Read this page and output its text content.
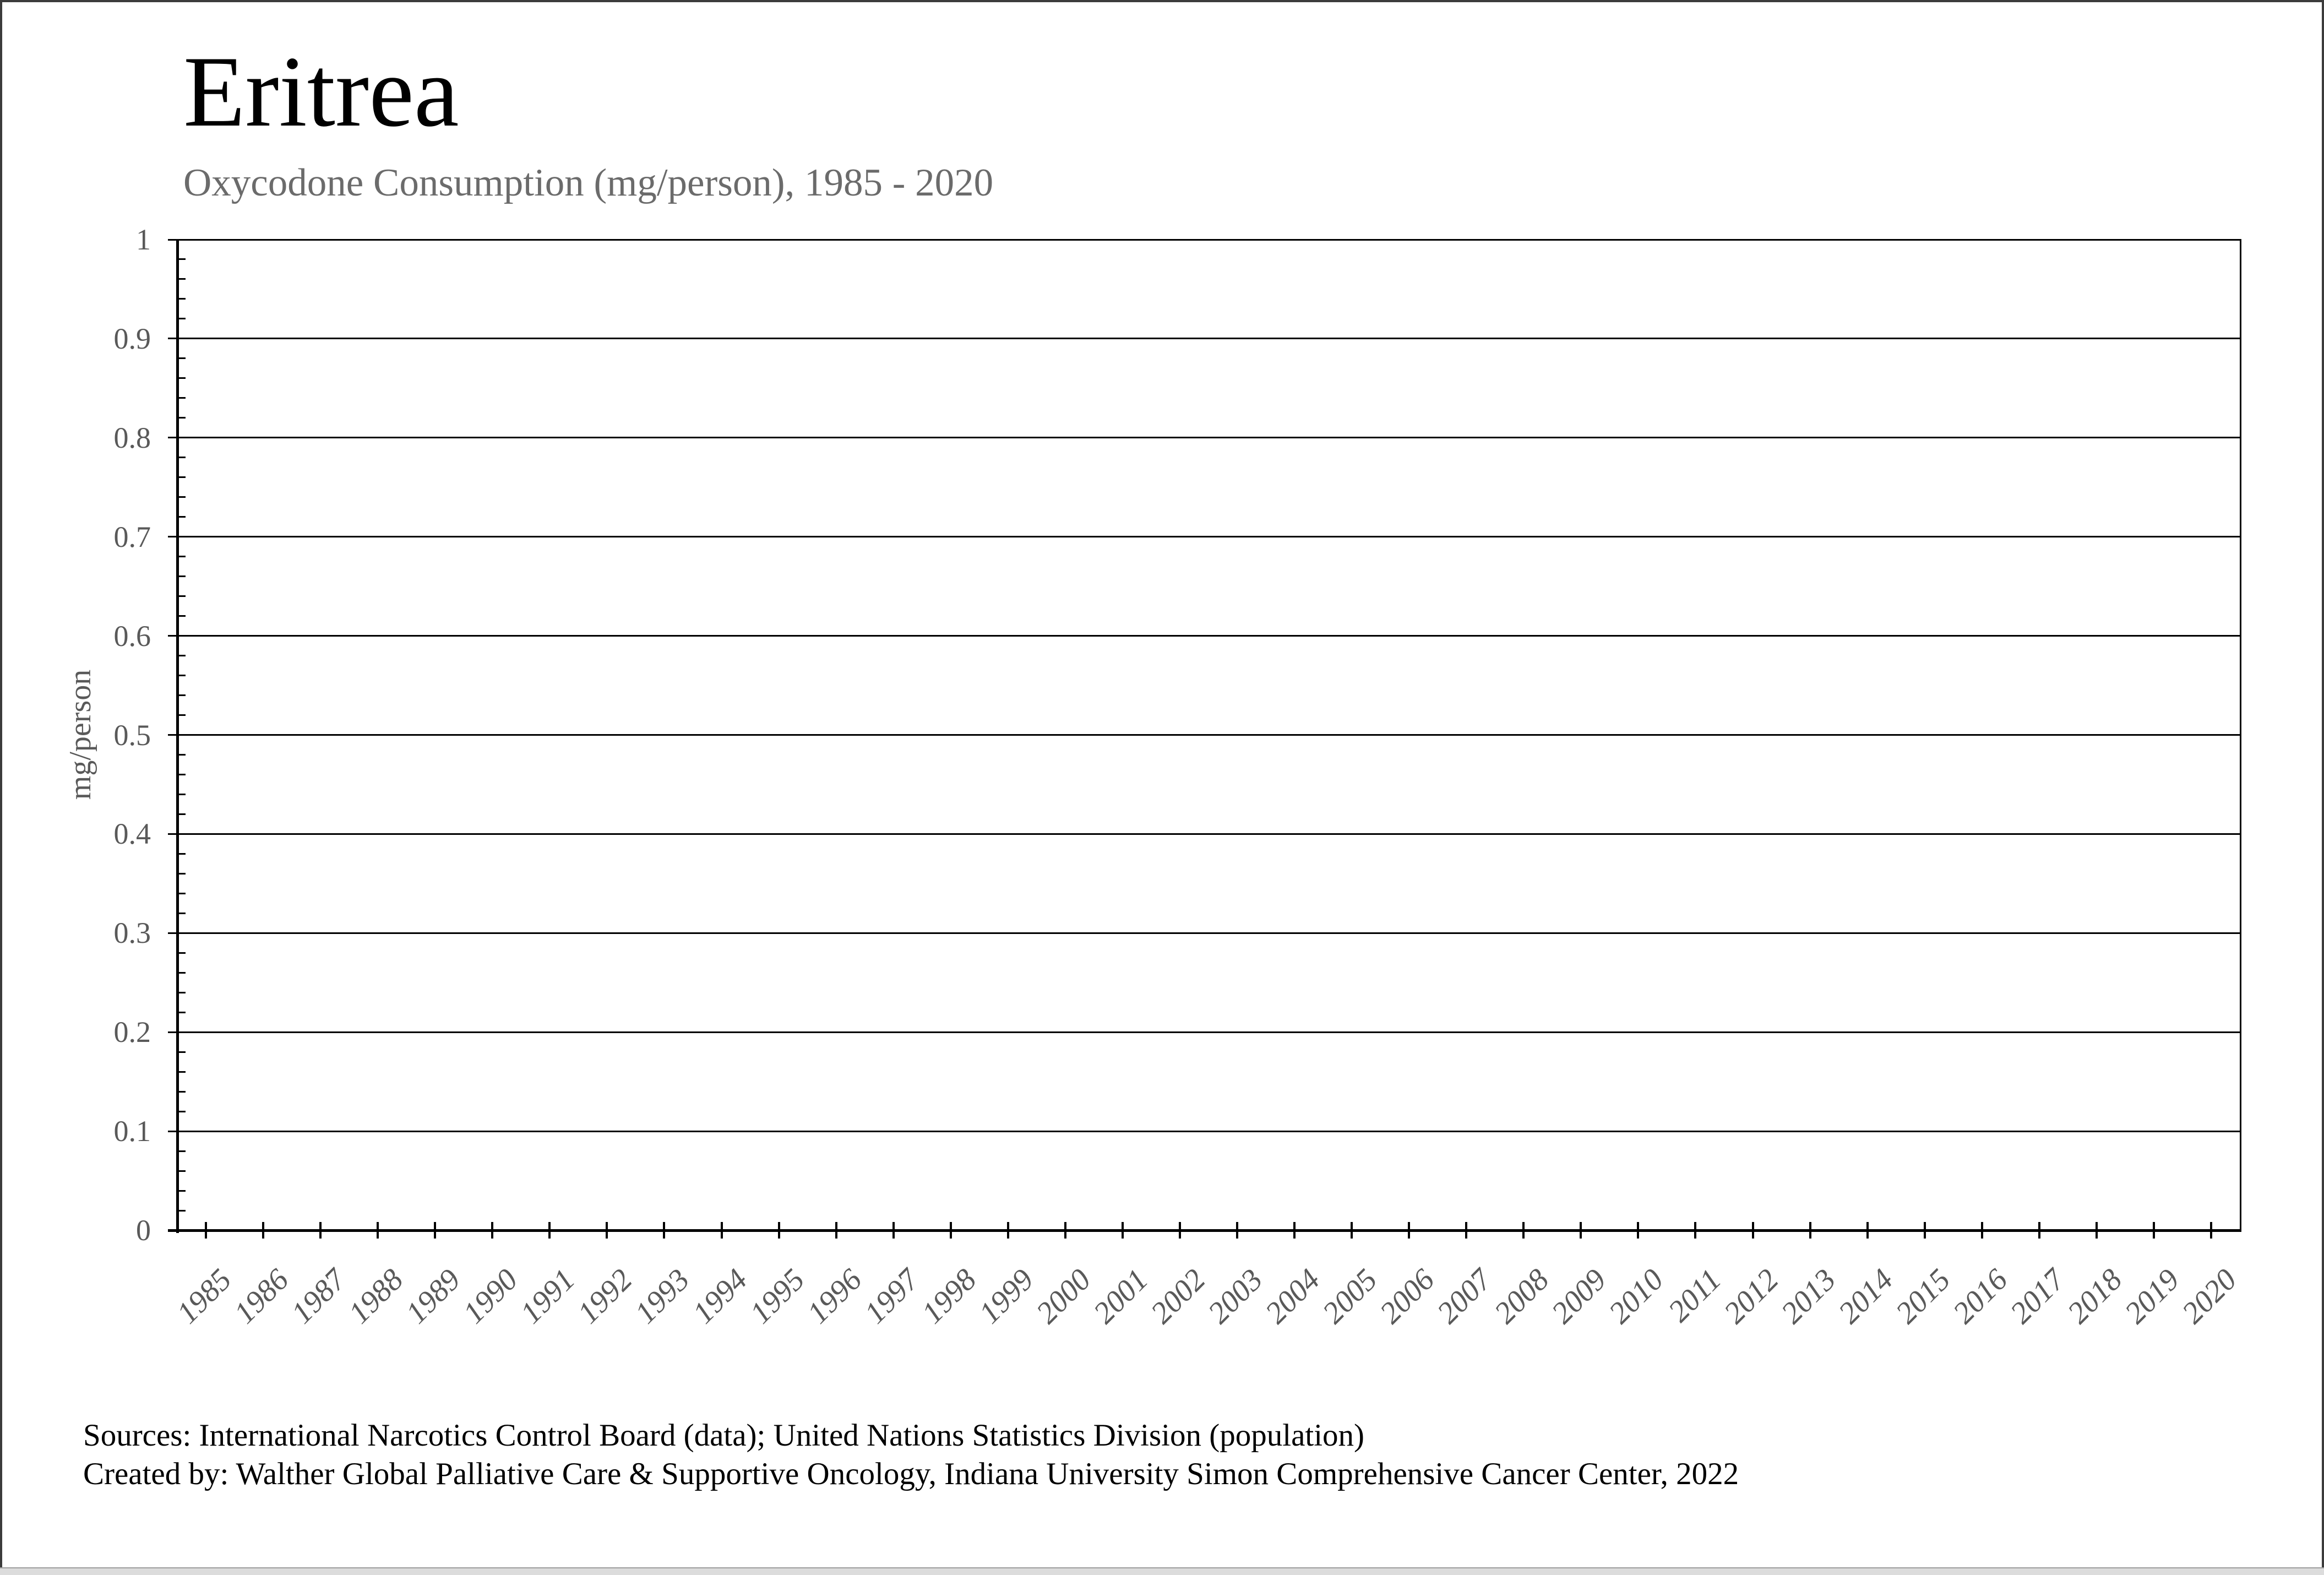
Eritrea
Oxycodone Consumption (mg/person), 1985 - 2020
1
0.9
0.8
0.7
0.6
0.5
0.4
0.3
0.2
0.1
0
1985
1986
1987
1988
1989
1990
1991
1992
1993
1994
1995
1996
1997
1998
1999
2000
2001
2002
2003
2004
2005
2006
2007
2008
2009
2010
2011
2012
2013
2014
2015
2016
2017
2018
2019
2020
mg/person
Sources: International Narcotics Control Board (data); United Nations Statistics Division (population)
Created by: Walther Global Palliative Care & Supportive Oncology, Indiana University Simon Comprehensive Cancer Center, 2022
